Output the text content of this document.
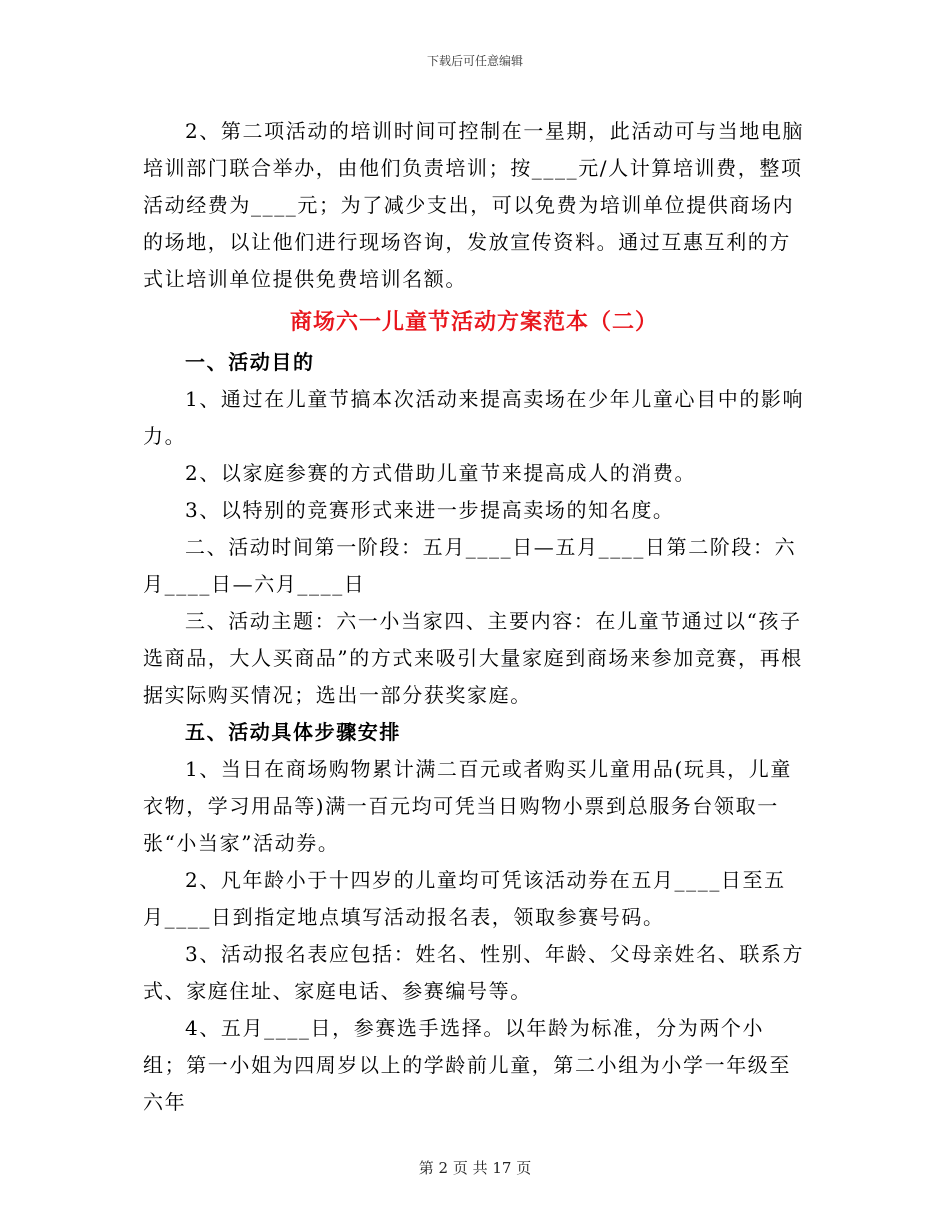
下载后可任意编辑

2、第二项活动的培训时间可控制在一星期，此活动可与当地电脑培训部门联合举办，由他们负责培训；按____元/人计算培训费，整项活动经费为____元；为了减少支出，可以免费为培训单位提供商场内的场地，以让他们进行现场咨询，发放宣传资料。通过互惠互利的方式让培训单位提供免费培训名额。

商场六一儿童节活动方案范本（二）

一、活动目的

1、通过在儿童节搞本次活动来提高卖场在少年儿童心目中的影响力。

2、以家庭参赛的方式借助儿童节来提高成人的消费。

3、以特别的竞赛形式来进一步提高卖场的知名度。

二、活动时间第一阶段：五月____日—五月____日第二阶段：六月____日—六月____日

三、活动主题：六一小当家四、主要内容：在儿童节通过以“孩子选商品，大人买商品”的方式来吸引大量家庭到商场来参加竞赛，再根据实际购买情况；选出一部分获奖家庭。

五、活动具体步骤安排

1、当日在商场购物累计满二百元或者购买儿童用品(玩具，儿童衣物，学习用品等)满一百元均可凭当日购物小票到总服务台领取一张“小当家”活动券。

2、凡年龄小于十四岁的儿童均可凭该活动券在五月____日至五月____日到指定地点填写活动报名表，领取参赛号码。

3、活动报名表应包括：姓名、性别、年龄、父母亲姓名、联系方式、家庭住址、家庭电话、参赛编号等。

4、五月____日，参赛选手选择。以年龄为标准，分为两个小组；第一小姐为四周岁以上的学龄前儿童，第二小组为小学一年级至六年

第 2 页 共 17 页
